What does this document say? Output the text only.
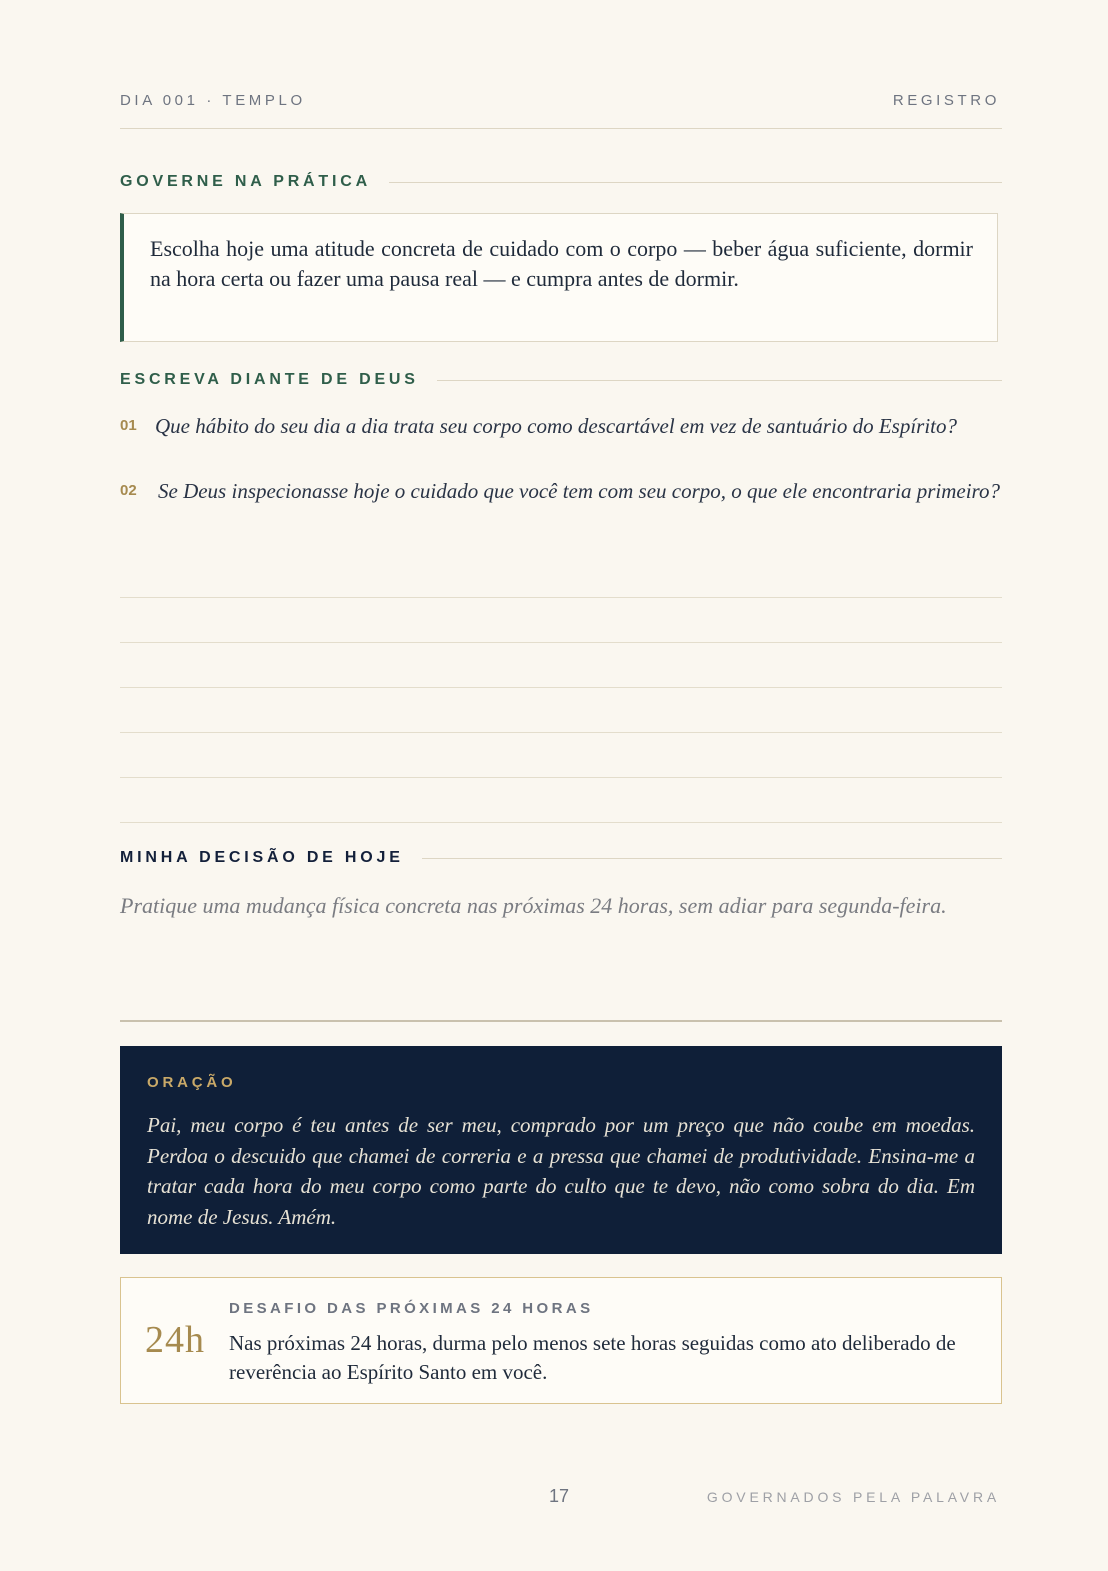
DIA 001 · TEMPLO	REGISTRO
GOVERNE NA PRÁTICA
Escolha hoje uma atitude concreta de cuidado com o corpo — beber água suficiente, dormir na hora certa ou fazer uma pausa real — e cumpra antes de dormir.
ESCREVA DIANTE DE DEUS
01 Que hábito do seu dia a dia trata seu corpo como descartável em vez de santuário do Espírito?
02	Se Deus inspecionasse hoje o cuidado que você tem com seu corpo, o que ele encontraria primeiro?
MINHA DECISÃO DE HOJE
Pratique uma mudança física concreta nas próximas 24 horas, sem adiar para segunda-feira.
ORAÇÃO
Pai, meu corpo é teu antes de ser meu, comprado por um preço que não coube em moedas. Perdoa o descuido que chamei de correria e a pressa que chamei de produtividade. Ensina-me a tratar cada hora do meu corpo como parte do culto que te devo, não como sobra do dia. Em nome de Jesus. Amém.
24h
DESAFIO DAS PRÓXIMAS 24 HORAS
Nas próximas 24 horas, durma pelo menos sete horas seguidas como ato deliberado de reverência ao Espírito Santo em você.
17	GOVERNADOS PELA PALAVRA
